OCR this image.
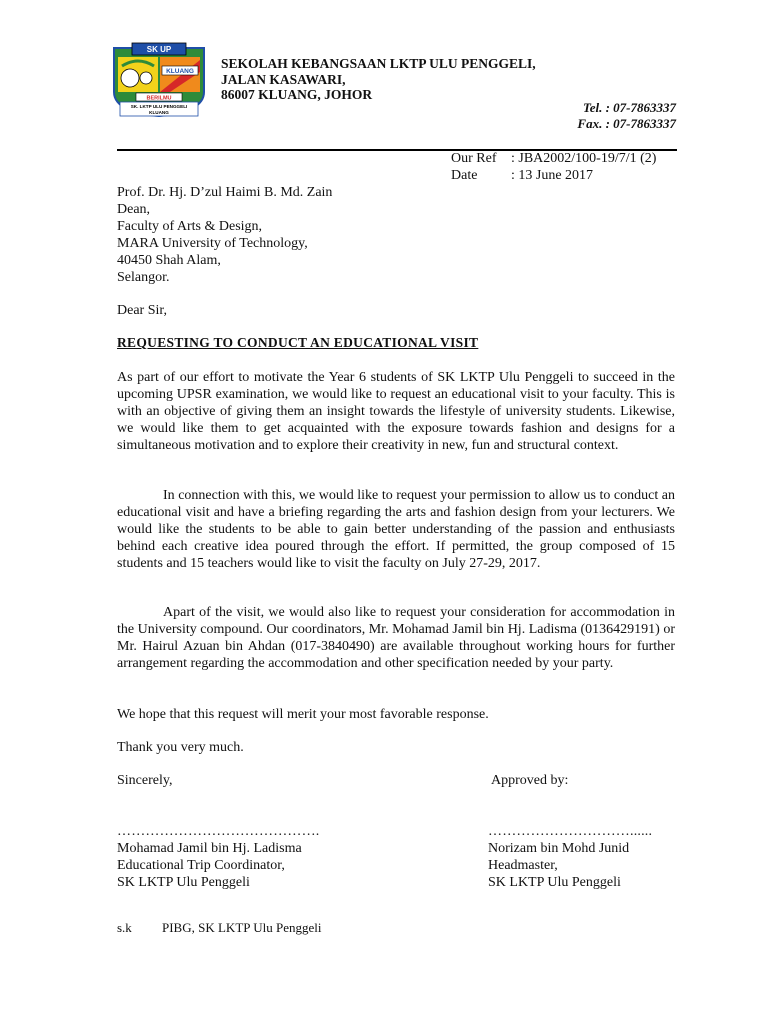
SK UP
KLUANG
BERILMU
SK. LKTP ULU PENGGELI
KLUANG
SEKOLAH KEBANGSAAN LKTP ULU PENGGELI,
JALAN KASAWARI,
86007 KLUANG, JOHOR
Tel. : 07-7863337
Fax. : 07-7863337
Our Ref : JBA2002/100-19/7/1 (2)
Date : 13 June 2017
Prof. Dr. Hj. D’zul Haimi B. Md. Zain
Dean,
Faculty of Arts & Design,
MARA University of Technology,
40450 Shah Alam,
Selangor.
Dear Sir,
REQUESTING TO CONDUCT AN EDUCATIONAL VISIT
As part of our effort to motivate the Year 6 students of SK LKTP Ulu Penggeli to succeed in the upcoming UPSR examination, we would like to request an educational visit to your faculty. This is with an objective of giving them an insight towards the lifestyle of university students. Likewise, we would like them to get acquainted with the exposure towards fashion and designs for a simultaneous motivation and to explore their creativity in new, fun and structural context.
In connection with this, we would like to request your permission to allow us to conduct an educational visit and have a briefing regarding the arts and fashion design from your lecturers. We would like the students to be able to gain better understanding of the passion and enthusiasts behind each creative idea poured through the effort. If permitted, the group composed of 15 students and 15 teachers would like to visit the faculty on July 27-29, 2017.
Apart of the visit, we would also like to request your consideration for accommodation in the University compound. Our coordinators, Mr. Mohamad Jamil bin Hj. Ladisma (0136429191) or Mr. Hairul Azuan bin Ahdan (017-3840490) are available throughout working hours for further arrangement regarding the accommodation and other specification needed by your party.
We hope that this request will merit your most favorable response.
Thank you very much.
Sincerely,	Approved by:
…………………………………….
Mohamad Jamil bin Hj. Ladisma
Educational Trip Coordinator,
SK LKTP Ulu Penggeli
…………………………......
Norizam bin Mohd Junid
Headmaster,
SK LKTP Ulu Penggeli
s.k PIBG, SK LKTP Ulu Penggeli
